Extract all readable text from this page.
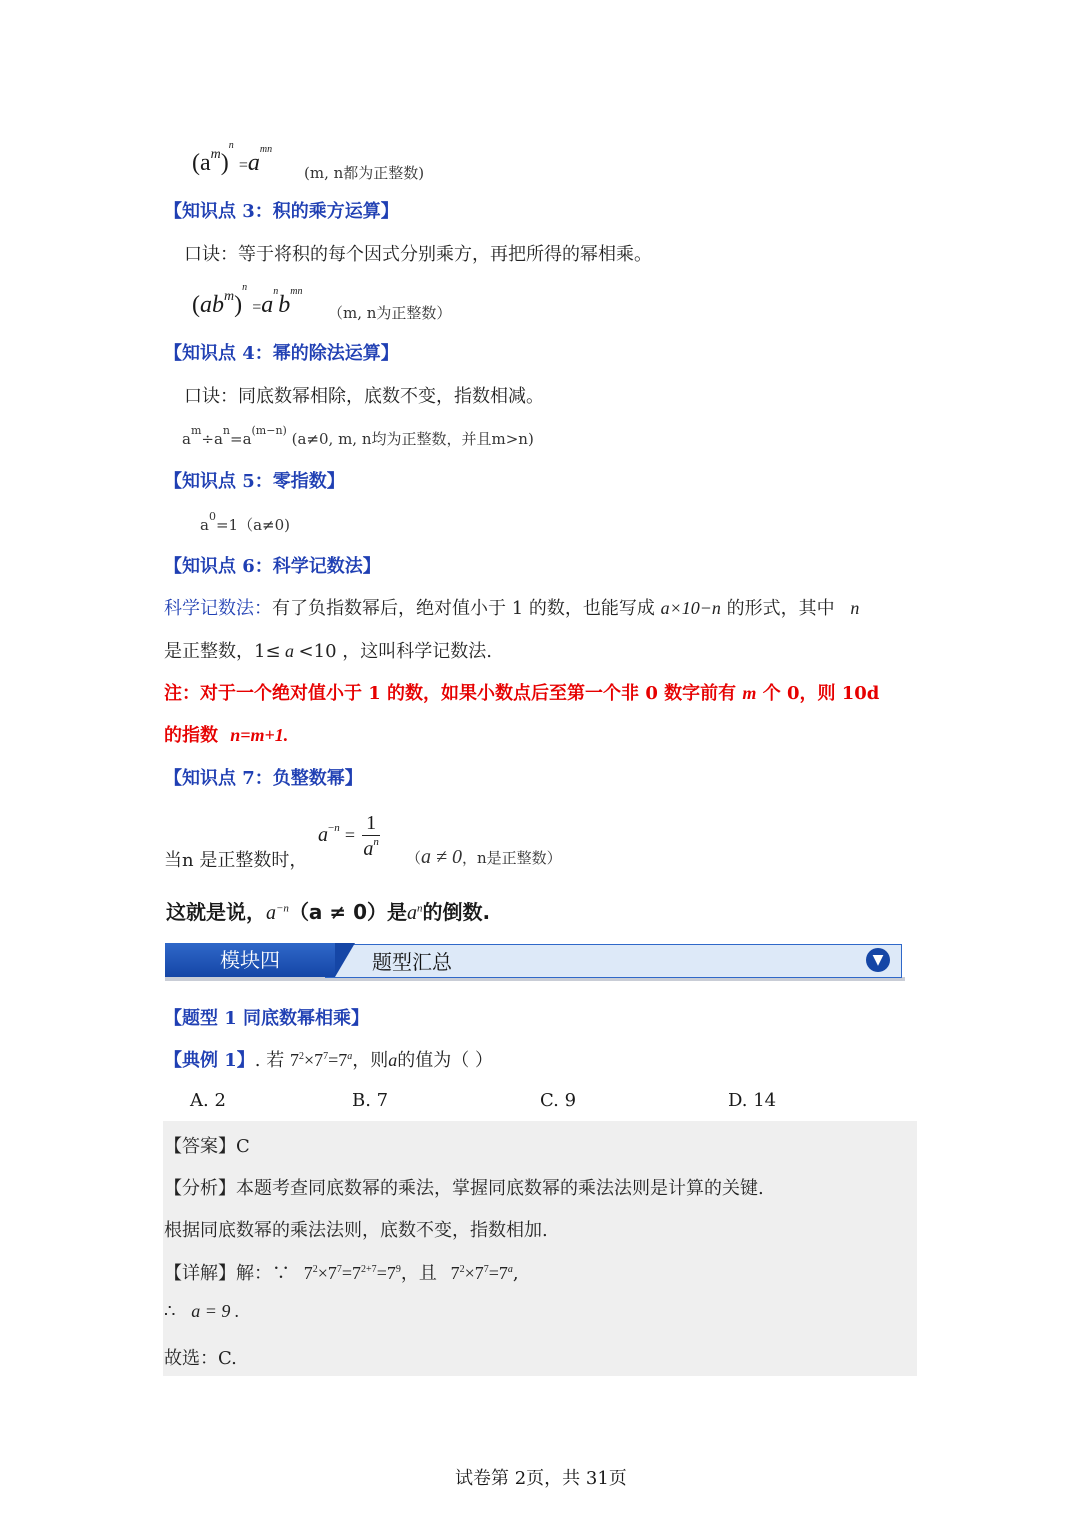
$(am)^n =a^{mn}$
(m, n都为正整数)
【知识点 3：积的乘方运算】
口诀：等于将积的每个因式分别乘方，再把所得的幂相乘。
$(abm)^n =a^nb^{mn}$
（m, n为正整数）
【知识点 4：幂的除法运算】
口诀：同底数幂相除，底数不变，指数相减。
$a^m\div a^n=a^{(m-n)}$ (a≠0, m, n均为正整数，并且m>n)
【知识点 5：零指数】
$a^0=1(a\ne 0)$
【知识点 6：科学记数法】
科学记数法：有了负指数幂后，绝对值小于 1 的数，也能写成 a×10−n 的形式，其中 n
是正整数，1≤ a <10 ，这叫科学记数法.
注：对于一个绝对值小于 1 的数，如果小数点后至第一个非 0 数字前有 m 个 0，则 10d
的指数 n=m+1.
【知识点 7：负整数幂】
当n 是正整数时，
$a^{-n} = \frac{1}{a^n} (a \ne 0$，n是正整数）
这就是说，$a^{-n}(a \ne 0)$是$a^n$的倒数.
模块四	题型汇总	▼
【题型 1 同底数幂相乘】
【典例 1】. 若 $7^2\times 7^7=7^a$，则a的值为（ ）
A. 2	B. 7	C. 9	D. 14
【答案】C
【分析】本题考查同底数幂的乘法，掌握同底数幂的乘法法则是计算的关键.
根据同底数幂的乘法法则，底数不变，指数相加.
【详解】解：∵ $7^2\times 7^7=7^{2+7}=7^9$，且 $7^2\times 7^7=7^a$,
∴ a = 9 .
故选：C.
试卷第 2页，共 31页
